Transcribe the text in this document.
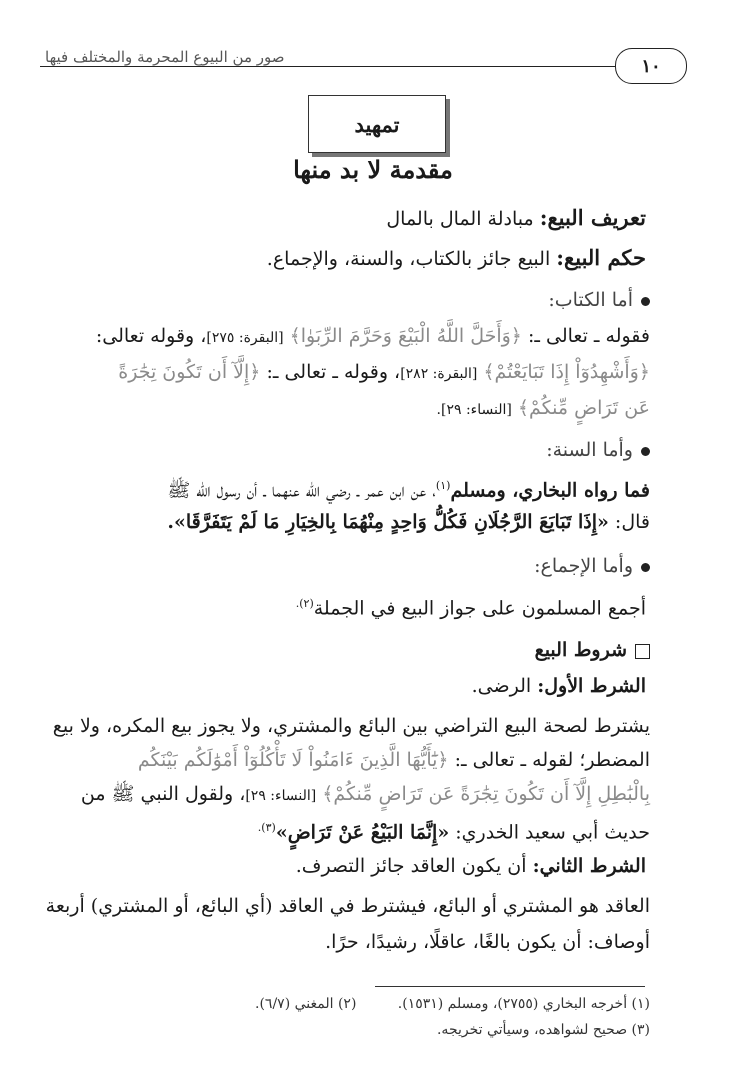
١٠
صور من البيوع المحرمة والمختلف فيها
تمهيد
مقدمة لا بد منها
تعريف البيع: مبادلة المال بالمال
حكم البيع: البيع جائز بالكتاب، والسنة، والإجماع.
أما الكتاب:
فقوله ـ تعالى ـ: ﴿وَأَحَلَّ اللَّهُ الْبَيْعَ وَحَرَّمَ الرِّبَوٰا﴾ [البقرة: ٢٧٥]، وقوله تعالى:
﴿وَأَشْهِدُوٓاْ إِذَا تَبَايَعْتُمْ﴾ [البقرة: ٢٨٢]، وقوله ـ تعالى ـ: ﴿إِلَّآ أَن تَكُونَ تِجَٰرَةً
عَن تَرَاضٍ مِّنكُمْ﴾ [النساء: ٢٩].
وأما السنة:
فما رواه البخاري، ومسلم$^{(١)}$، عن ابن عمر ـ رضي الله عنهما ـ أن رسول الله ﷺ
قال: «إِذَا تَبَايَعَ الرَّجُلَانِ فَكُلُّ وَاحِدٍ مِنْهُمَا بِالخِيَارِ مَا لَمْ يَتَفَرَّقَا».
وأما الإجماع:
أجمع المسلمون على جواز البيع في الجملة$^{(٢).}$
شروط البيع
الشرط الأول: الرضى.
يشترط لصحة البيع التراضي بين البائع والمشتري، ولا يجوز بيع المكره، ولا بيع
المضطر؛ لقوله ـ تعالى ـ: ﴿يَٰٓأَيُّهَا الَّذِينَ ءَامَنُواْ لَا تَأْكُلُوٓاْ أَمْوَٰلَكُم بَيْنَكُم
بِالْبَٰطِلِ إِلَّآ أَن تَكُونَ تِجَٰرَةً عَن تَرَاضٍ مِّنكُمْ﴾ [النساء: ٢٩]، ولقول النبي ﷺ من
حديث أبي سعيد الخدري: «إِنَّمَا البَيْعُ عَنْ تَرَاضٍ»$^{(٣).}$
الشرط الثاني: أن يكون العاقد جائز التصرف.
العاقد هو المشتري أو البائع، فيشترط في العاقد (أي البائع، أو المشتري) أربعة
أوصاف: أن يكون بالغًا، عاقلًا، رشيدًا، حرًا.
(١) أخرجه البخاري (٢٧٥٥)، ومسلم (١٥٣١).
(٢) المغني (٦/٧).
(٣) صحيح لشواهده، وسيأتي تخريجه.
